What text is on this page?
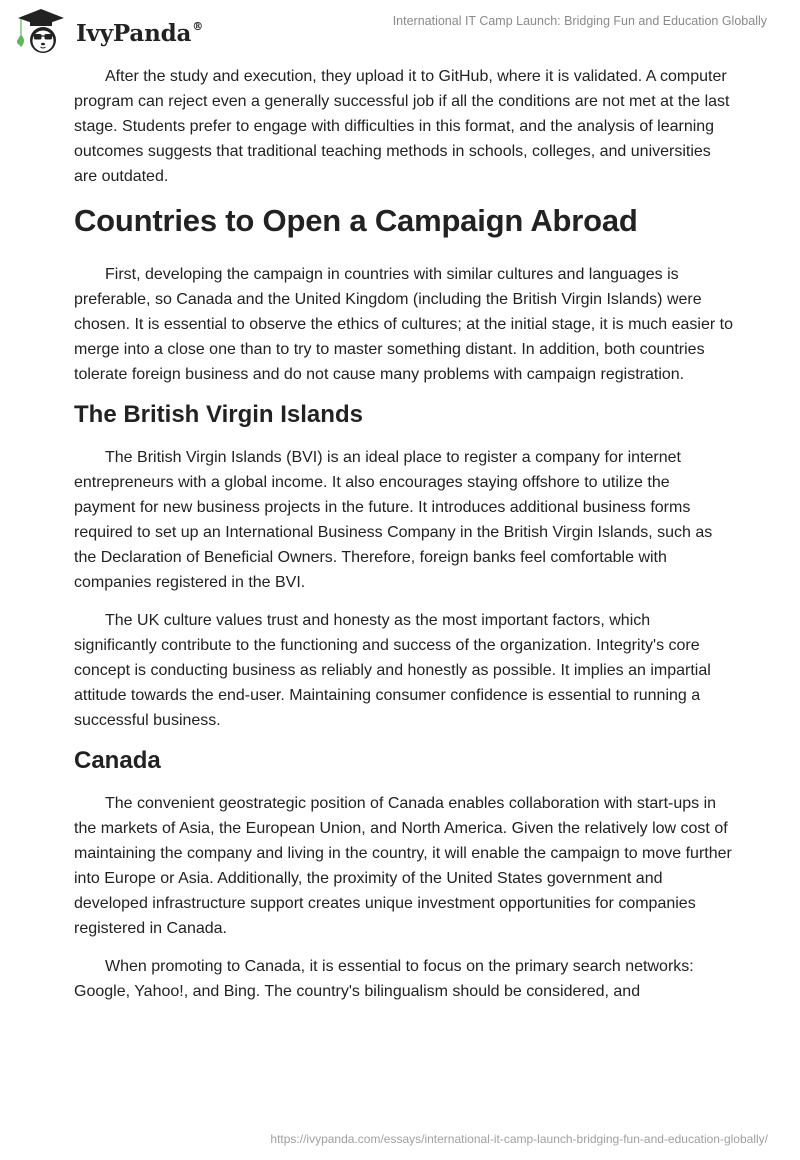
IvyPanda®	International IT Camp Launch: Bridging Fun and Education Globally

After the study and execution, they upload it to GitHub, where it is validated. A computer program can reject even a generally successful job if all the conditions are not met at the last stage. Students prefer to engage with difficulties in this format, and the analysis of learning outcomes suggests that traditional teaching methods in schools, colleges, and universities are outdated.

Countries to Open a Campaign Abroad

First, developing the campaign in countries with similar cultures and languages is preferable, so Canada and the United Kingdom (including the British Virgin Islands) were chosen. It is essential to observe the ethics of cultures; at the initial stage, it is much easier to merge into a close one than to try to master something distant. In addition, both countries tolerate foreign business and do not cause many problems with campaign registration.

The British Virgin Islands

The British Virgin Islands (BVI) is an ideal place to register a company for internet entrepreneurs with a global income. It also encourages staying offshore to utilize the payment for new business projects in the future. It introduces additional business forms required to set up an International Business Company in the British Virgin Islands, such as the Declaration of Beneficial Owners. Therefore, foreign banks feel comfortable with companies registered in the BVI.

The UK culture values trust and honesty as the most important factors, which significantly contribute to the functioning and success of the organization. Integrity's core concept is conducting business as reliably and honestly as possible. It implies an impartial attitude towards the end-user. Maintaining consumer confidence is essential to running a successful business.

Canada

The convenient geostrategic position of Canada enables collaboration with start-ups in the markets of Asia, the European Union, and North America. Given the relatively low cost of maintaining the company and living in the country, it will enable the campaign to move further into Europe or Asia. Additionally, the proximity of the United States government and developed infrastructure support creates unique investment opportunities for companies registered in Canada.

When promoting to Canada, it is essential to focus on the primary search networks: Google, Yahoo!, and Bing. The country's bilingualism should be considered, and

https://ivypanda.com/essays/international-it-camp-launch-bridging-fun-and-education-globally/
